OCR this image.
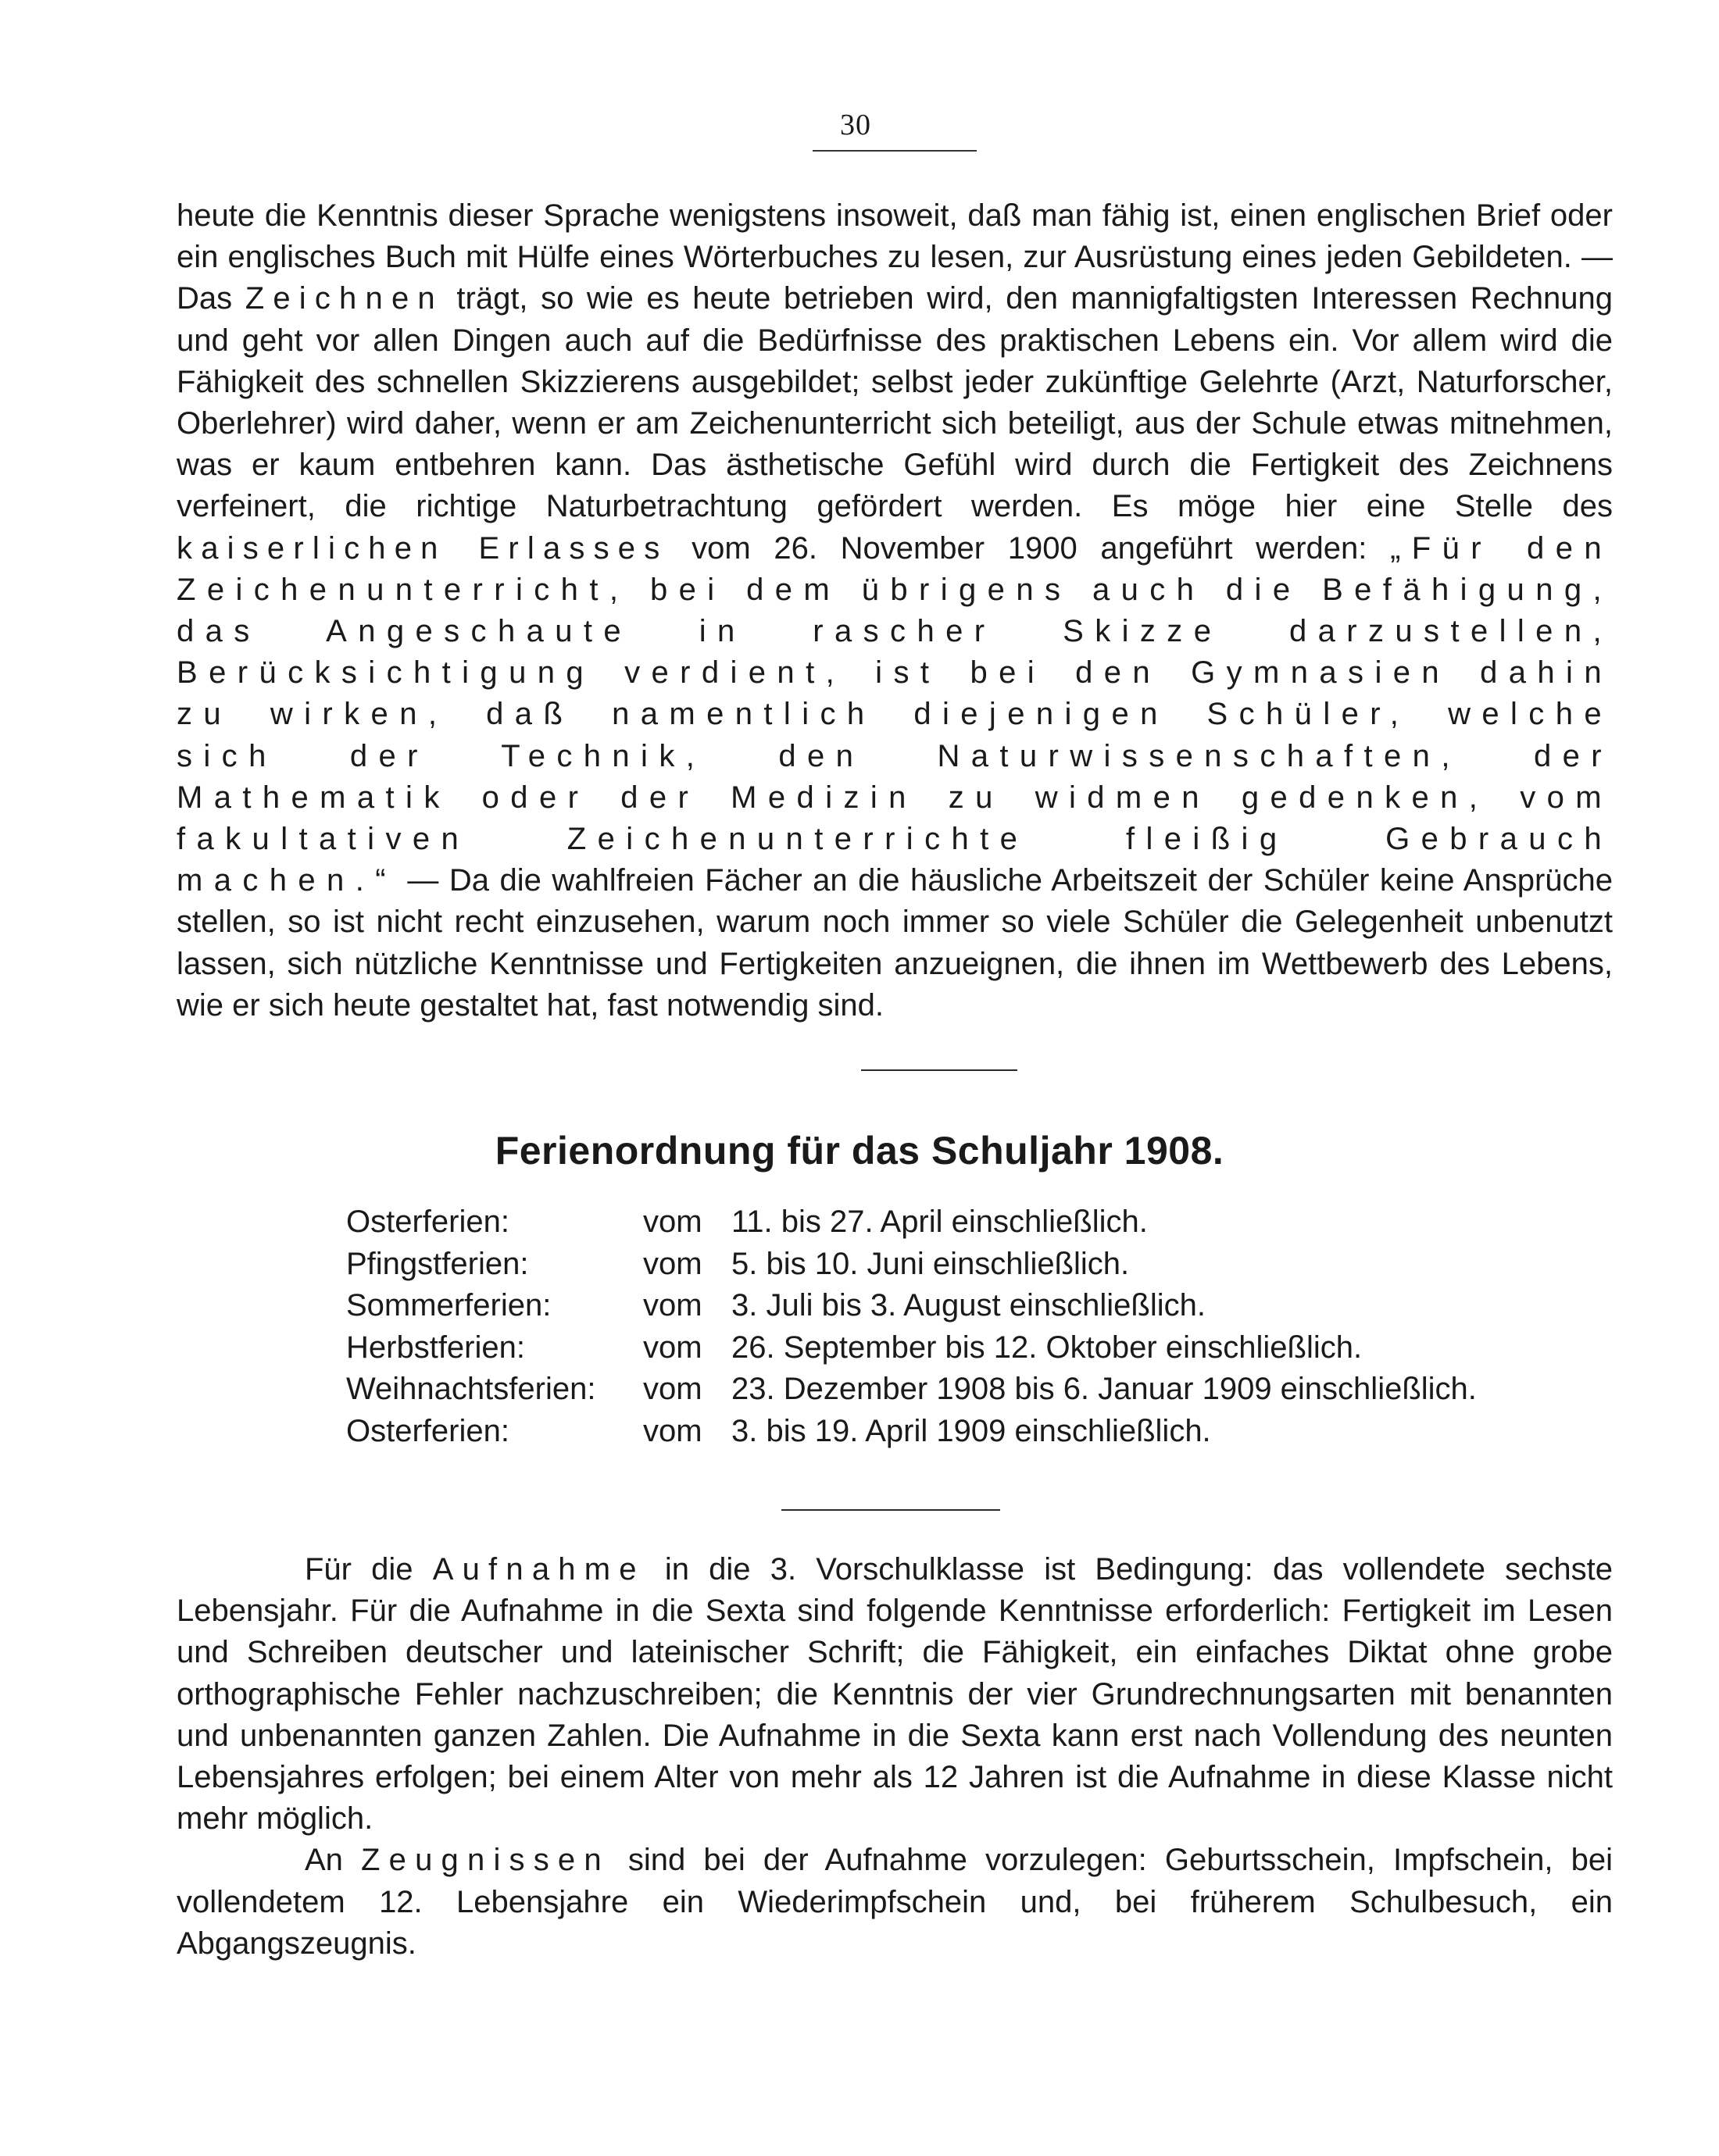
30

heute die Kenntnis dieser Sprache wenigstens insoweit, daß man fähig ist, einen englischen Brief oder ein englisches Buch mit Hülfe eines Wörterbuches zu lesen, zur Ausrüstung eines jeden Gebildeten. — Das Zeichnen trägt, so wie es heute betrieben wird, den mannigfaltigsten Interessen Rechnung und geht vor allen Dingen auch auf die Bedürfnisse des praktischen Lebens ein. Vor allem wird die Fähigkeit des schnellen Skizzierens ausgebildet; selbst jeder zukünftige Gelehrte (Arzt, Naturforscher, Oberlehrer) wird daher, wenn er am Zeichenunterricht sich beteiligt, aus der Schule etwas mitnehmen, was er kaum entbehren kann. Das ästhetische Gefühl wird durch die Fertigkeit des Zeichnens verfeinert, die richtige Naturbetrachtung gefördert werden. Es möge hier eine Stelle des kaiserlichen Erlasses vom 26. November 1900 angeführt werden: „Für den Zeichenunterricht, bei dem übrigens auch die Befähigung, das Angeschaute in rascher Skizze darzustellen, Berücksichtigung verdient, ist bei den Gymnasien dahin zu wirken, daß namentlich diejenigen Schüler, welche sich der Technik, den Naturwissenschaften, der Mathematik oder der Medizin zu widmen gedenken, vom fakultativen Zeichenunterrichte fleißig Gebrauch machen.“ — Da die wahlfreien Fächer an die häusliche Arbeitszeit der Schüler keine Ansprüche stellen, so ist nicht recht einzusehen, warum noch immer so viele Schüler die Gelegenheit unbenutzt lassen, sich nützliche Kenntnisse und Fertigkeiten anzueignen, die ihnen im Wettbewerb des Lebens, wie er sich heute gestaltet hat, fast notwendig sind.

Ferienordnung für das Schuljahr 1908.
Osterferien:	vom	11. bis 27. April einschließlich.
Pfingstferien:	vom	5. bis 10. Juni einschließlich.
Sommerferien:	vom	3. Juli bis 3. August einschließlich.
Herbstferien:	vom	26. September bis 12. Oktober einschließlich.
Weihnachtsferien:	vom	23. Dezember 1908 bis 6. Januar 1909 einschließlich.
Osterferien:	vom	3. bis 19. April 1909 einschließlich.

Für die Aufnahme in die 3. Vorschulklasse ist Bedingung: das vollendete sechste Lebensjahr. Für die Aufnahme in die Sexta sind folgende Kenntnisse erforderlich: Fertigkeit im Lesen und Schreiben deutscher und lateinischer Schrift; die Fähigkeit, ein einfaches Diktat ohne grobe orthographische Fehler nachzuschreiben; die Kenntnis der vier Grundrechnungsarten mit benannten und unbenannten ganzen Zahlen. Die Aufnahme in die Sexta kann erst nach Vollendung des neunten Lebensjahres erfolgen; bei einem Alter von mehr als 12 Jahren ist die Aufnahme in diese Klasse nicht mehr möglich.

An Zeugnissen sind bei der Aufnahme vorzulegen: Geburtsschein, Impfschein, bei vollendetem 12. Lebensjahre ein Wiederimpfschein und, bei früherem Schulbesuch, ein Abgangszeugnis.
